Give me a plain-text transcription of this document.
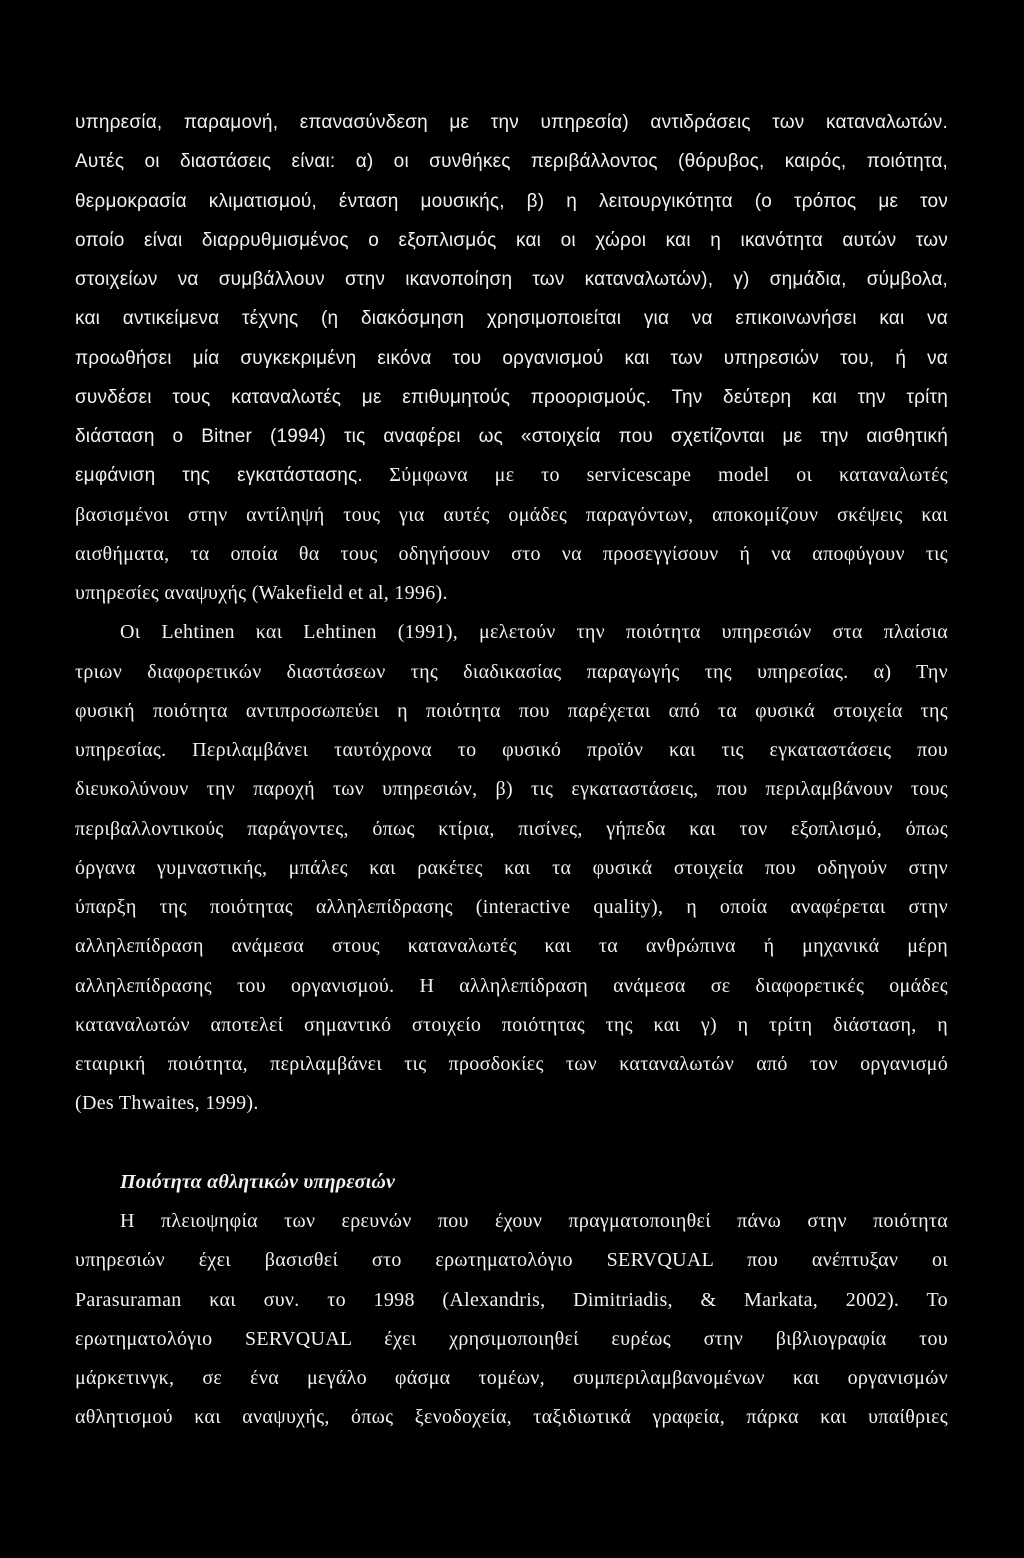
υπηρεσία, παραμονή, επανασύνδεση με την υπηρεσία) αντιδράσεις των καταναλωτών.
Αυτές οι διαστάσεις είναι: α) οι συνθήκες περιβάλλοντος (θόρυβος, καιρός, ποιότητα,
θερμοκρασία κλιματισμού, ένταση μουσικής, β) η λειτουργικότητα (ο τρόπος με τον
οποίο είναι διαρρυθμισμένος ο εξοπλισμός και οι χώροι και η ικανότητα αυτών των
στοιχείων να συμβάλλουν στην ικανοποίηση των καταναλωτών), γ) σημάδια, σύμβολα,
και αντικείμενα τέχνης (η διακόσμηση χρησιμοποιείται για να επικοινωνήσει και να
προωθήσει μία συγκεκριμένη εικόνα του οργανισμού και των υπηρεσιών του, ή να
συνδέσει τους καταναλωτές με επιθυμητούς προορισμούς. Την δεύτερη και την τρίτη
διάσταση ο Bitner (1994) τις αναφέρει ως «στοιχεία που σχετίζονται με την αισθητική
εμφάνιση της εγκατάστασης. Σύμφωνα με το servicescape model οι καταναλωτές
βασισμένοι στην αντίληψή τους για αυτές ομάδες παραγόντων, αποκομίζουν σκέψεις και
αισθήματα, τα οποία θα τους οδηγήσουν στο να προσεγγίσουν ή να αποφύγουν τις
υπηρεσίες αναψυχής (Wakefield et al, 1996).
Οι Lehtinen και Lehtinen (1991), μελετούν την ποιότητα υπηρεσιών στα πλαίσια
τριων διαφορετικών διαστάσεων της διαδικασίας παραγωγής της υπηρεσίας. α) Την
φυσική ποιότητα αντιπροσωπεύει η ποιότητα που παρέχεται από τα φυσικά στοιχεία της
υπηρεσίας. Περιλαμβάνει ταυτόχρονα το φυσικό προϊόν και τις εγκαταστάσεις που
διευκολύνουν την παροχή των υπηρεσιών, β) τις εγκαταστάσεις, που περιλαμβάνουν τους
περιβαλλοντικούς παράγοντες, όπως κτίρια, πισίνες, γήπεδα και τον εξοπλισμό, όπως
όργανα γυμναστικής, μπάλες και ρακέτες και τα φυσικά στοιχεία που οδηγούν στην
ύπαρξη της ποιότητας αλληλεπίδρασης (interactive quality), η οποία αναφέρεται στην
αλληλεπίδραση ανάμεσα στους καταναλωτές και τα ανθρώπινα ή μηχανικά μέρη
αλληλεπίδρασης του οργανισμού. Η αλληλεπίδραση ανάμεσα σε διαφορετικές ομάδες
καταναλωτών αποτελεί σημαντικό στοιχείο ποιότητας της και γ) η τρίτη διάσταση, η
εταιρική ποιότητα, περιλαμβάνει τις προσδοκίες των καταναλωτών από τον οργανισμό
(Des Thwaites, 1999).
Ποιότητα αθλητικών υπηρεσιών
Η πλειοψηφία των ερευνών που έχουν πραγματοποιηθεί πάνω στην ποιότητα
υπηρεσιών έχει βασισθεί στο ερωτηματολόγιο SERVQUAL που ανέπτυξαν οι
Parasuraman και συν. το 1998 (Alexandris, Dimitriadis, & Markata, 2002). Το
ερωτηματολόγιο SERVQUAL έχει χρησιμοποιηθεί ευρέως στην βιβλιογραφία του
μάρκετινγκ, σε ένα μεγάλο φάσμα τομέων, συμπεριλαμβανομένων και οργανισμών
αθλητισμού και αναψυχής, όπως ξενοδοχεία, ταξιδιωτικά γραφεία, πάρκα και υπαίθριες
